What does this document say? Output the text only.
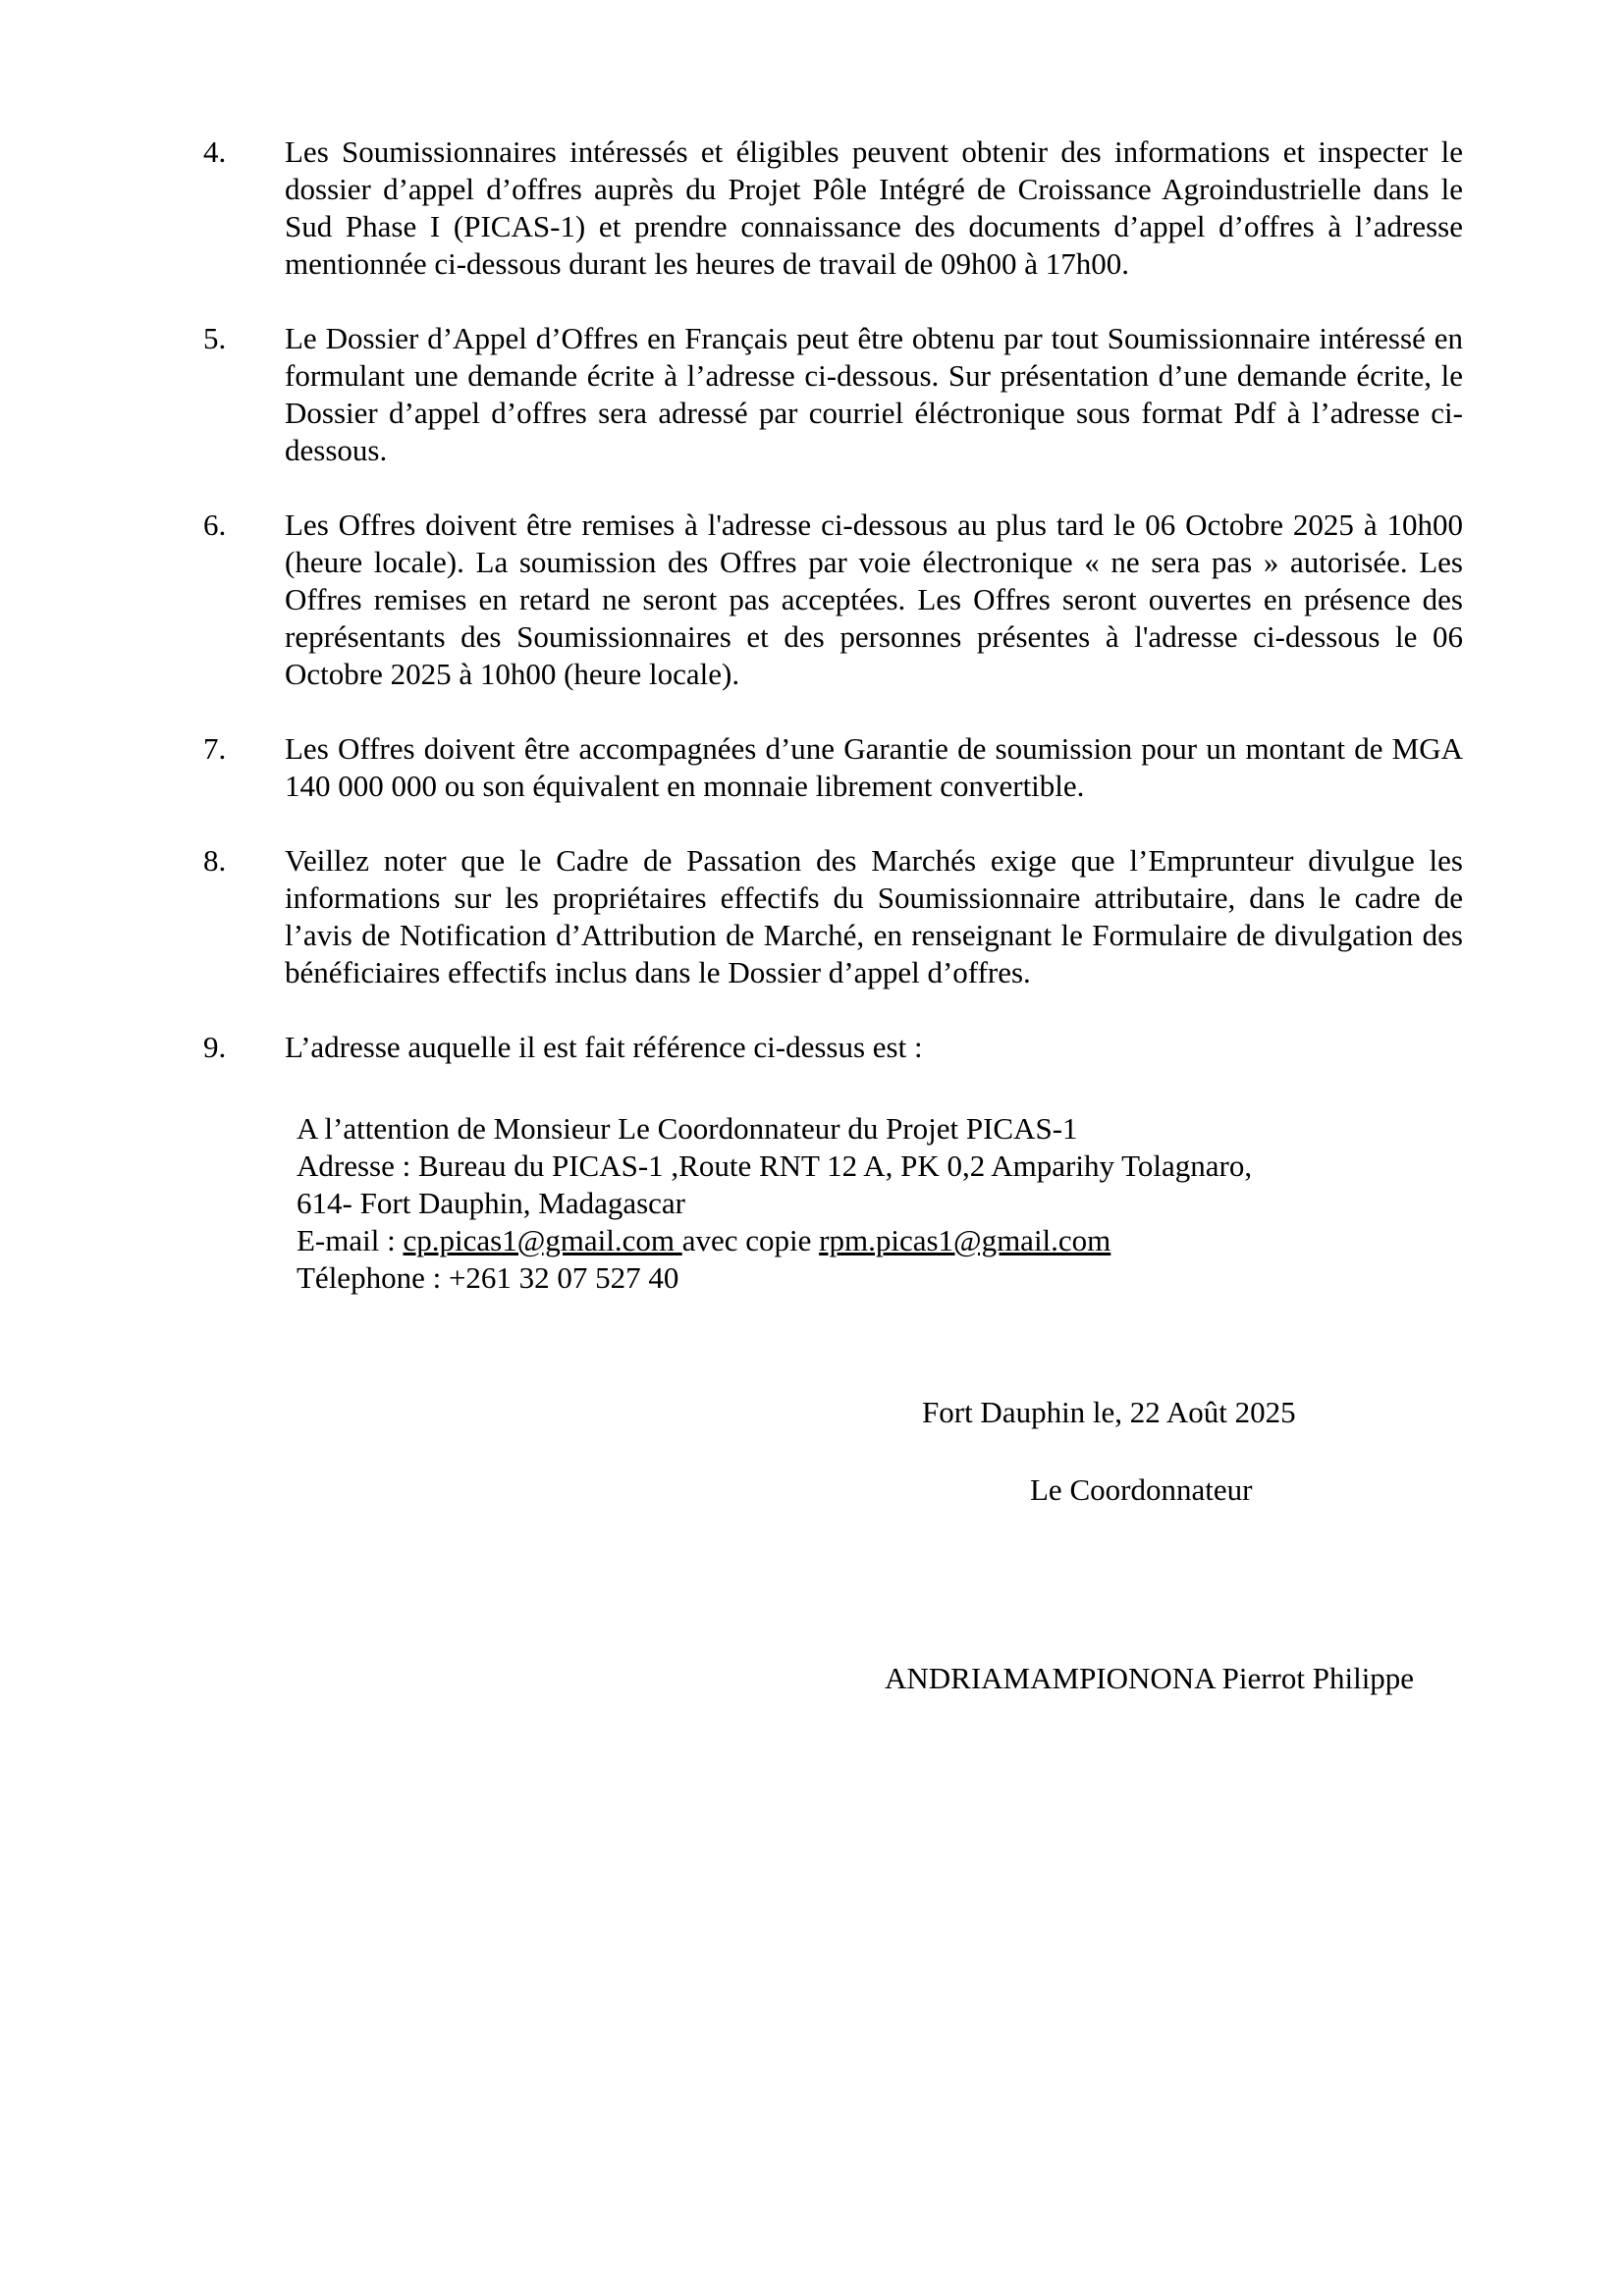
4. Les Soumissionnaires intéressés et éligibles peuvent obtenir des informations et inspecter le dossier d’appel d’offres auprès du Projet Pôle Intégré de Croissance Agroindustrielle dans le Sud Phase I (PICAS-1) et prendre connaissance des documents d’appel d’offres à l’adresse mentionnée ci-dessous durant les heures de travail de 09h00 à 17h00.
5. Le Dossier d’Appel d’Offres en Français peut être obtenu par tout Soumissionnaire intéressé en formulant une demande écrite à l’adresse ci-dessous. Sur présentation d’une demande écrite, le Dossier d’appel d’offres sera adressé par courriel éléctronique sous format Pdf à l’adresse ci-dessous.
6. Les Offres doivent être remises à l'adresse ci-dessous au plus tard le 06 Octobre 2025 à 10h00 (heure locale). La soumission des Offres par voie électronique « ne sera pas » autorisée. Les Offres remises en retard ne seront pas acceptées. Les Offres seront ouvertes en présence des représentants des Soumissionnaires et des personnes présentes à l'adresse ci-dessous le 06 Octobre 2025 à 10h00 (heure locale).
7. Les Offres doivent être accompagnées d’une Garantie de soumission pour un montant de MGA 140 000 000 ou son équivalent en monnaie librement convertible.
8. Veillez noter que le Cadre de Passation des Marchés exige que l’Emprunteur divulgue les informations sur les propriétaires effectifs du Soumissionnaire attributaire, dans le cadre de l’avis de Notification d’Attribution de Marché, en renseignant le Formulaire de divulgation des bénéficiaires effectifs inclus dans le Dossier d’appel d’offres.
9. L’adresse auquelle il est fait référence ci-dessus est :
A l’attention de Monsieur Le Coordonnateur du Projet PICAS-1
Adresse : Bureau du PICAS-1 ,Route RNT 12 A, PK 0,2 Amparihy Tolagnaro,
614- Fort Dauphin, Madagascar
E-mail : cp.picas1@gmail.com avec copie rpm.picas1@gmail.com
Télephone : +261 32 07 527 40
Fort Dauphin le, 22 Août 2025
Le Coordonnateur
ANDRIAMAMPIONONA Pierrot Philippe
